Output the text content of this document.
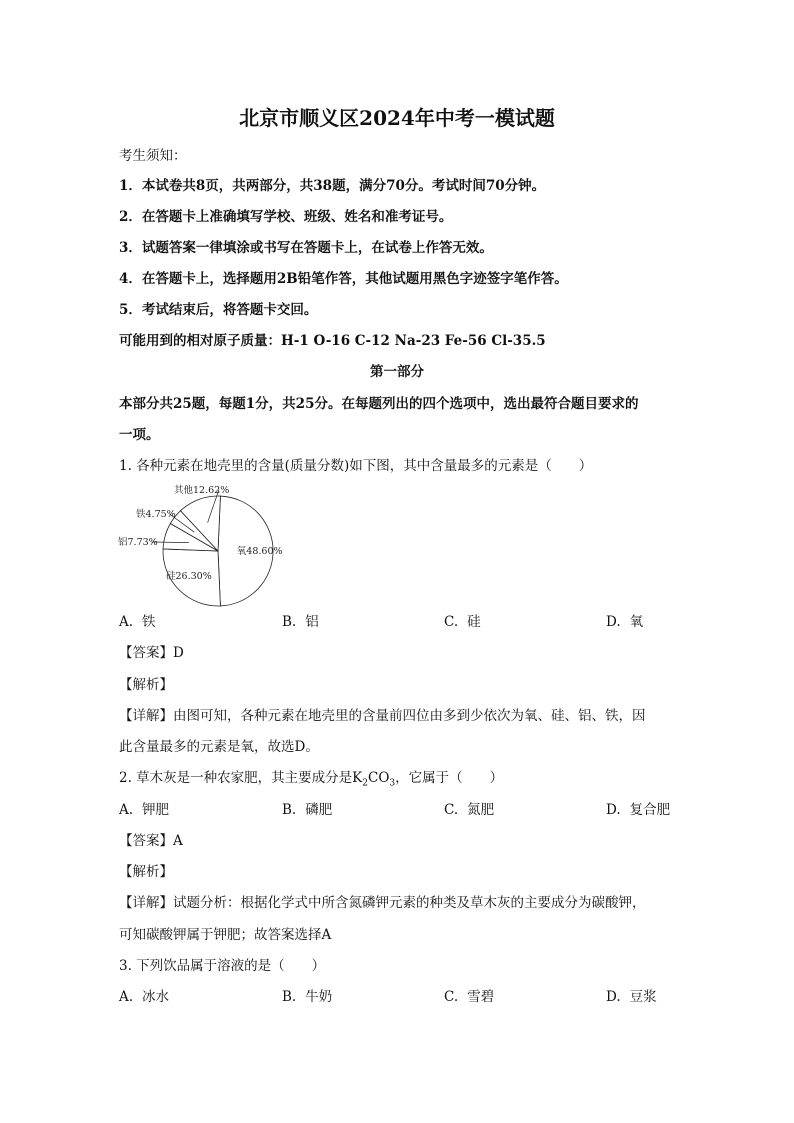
北京市顺义区2024年中考一模试题
考生须知：
1．本试卷共8页，共两部分，共38题，满分70分。考试时间70分钟。
2．在答题卡上准确填写学校、班级、姓名和准考证号。
3．试题答案一律填涂或书写在答题卡上，在试卷上作答无效。
4．在答题卡上，选择题用2B铅笔作答，其他试题用黑色字迹签字笔作答。
5．考试结束后，将答题卡交回。
可能用到的相对原子质量：H-1 O-16 C-12 Na-23 Fe-56 Cl-35.5
第一部分
本部分共25题，每题1分，共25分。在每题列出的四个选项中，选出最符合题目要求的
一项。
1. 各种元素在地壳里的含量(质量分数)如下图，其中含量最多的元素是（　　）
氧48.60%
硅26.30%
铝7.73%
铁4.75%
其他12.62%
A. 铁	B. 铝	C. 硅	D. 氧
【答案】D
【解析】
【详解】由图可知，各种元素在地壳里的含量前四位由多到少依次为氧、硅、铝、铁，因
此含量最多的元素是氧，故选D。
2. 草木灰是一种农家肥，其主要成分是$K_2CO_3$，它属于（　　）
A. 钾肥	B. 磷肥	C. 氮肥	D. 复合肥
【答案】A
【解析】
【详解】试题分析：根据化学式中所含氮磷钾元素的种类及草木灰的主要成分为碳酸钾，
可知碳酸钾属于钾肥；故答案选择A
3. 下列饮品属于溶液的是（　　）
A. 冰水	B. 牛奶	C. 雪碧	D. 豆浆
